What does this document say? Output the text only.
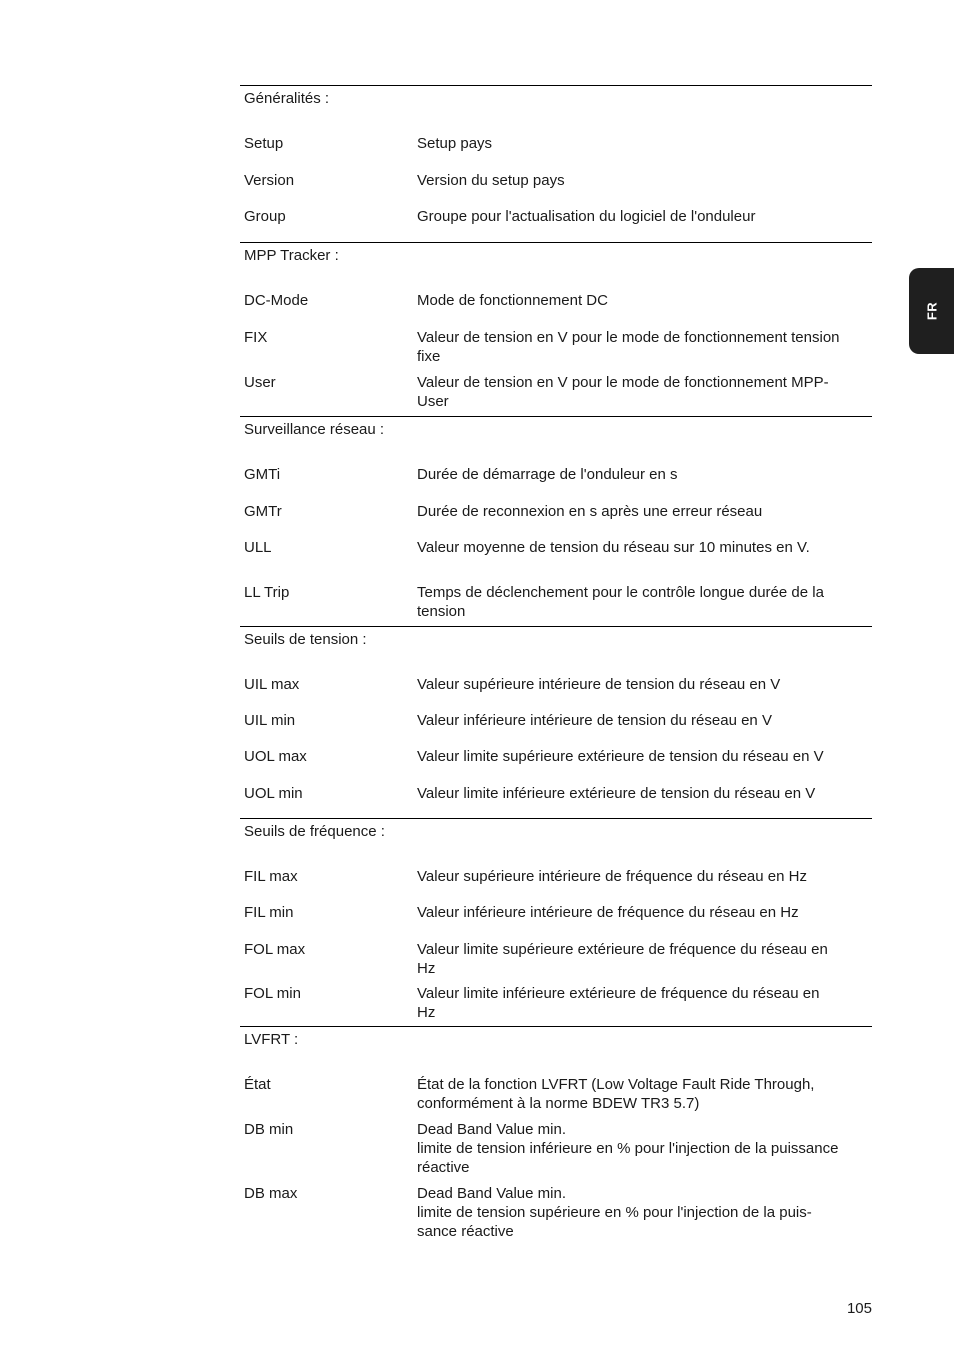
Généralités :
Setup	Setup pays
Version	Version du setup pays
Group	Groupe pour l'actualisation du logiciel de l'onduleur
MPP Tracker :
DC-Mode	Mode de fonctionnement DC
FIX	Valeur de tension en V pour le mode de fonctionnement tension
fixe
User	Valeur de tension en V pour le mode de fonctionnement MPP-
User
Surveillance réseau :
GMTi	Durée de démarrage de l'onduleur en s
GMTr	Durée de reconnexion en s après une erreur réseau
ULL	Valeur moyenne de tension du réseau sur 10 minutes en V.
LL Trip	Temps de déclenchement pour le contrôle longue durée de la
tension
Seuils de tension :
UIL max	Valeur supérieure intérieure de tension du réseau en V
UIL min	Valeur inférieure intérieure de tension du réseau en V
UOL max	Valeur limite supérieure extérieure de tension du réseau en V
UOL min	Valeur limite inférieure extérieure de tension du réseau en V
Seuils de fréquence :
FIL max	Valeur supérieure intérieure de fréquence du réseau en Hz
FIL min	Valeur inférieure intérieure de fréquence du réseau en Hz
FOL max	Valeur limite supérieure extérieure de fréquence du réseau en
Hz
FOL min	Valeur limite inférieure extérieure de fréquence du réseau en
Hz
LVFRT :
État	État de la fonction LVFRT (Low Voltage Fault Ride Through,
conformément à la norme BDEW TR3 5.7)
DB min	Dead Band Value min.
limite de tension inférieure en % pour l'injection de la puissance
réactive
DB max	Dead Band Value min.
limite de tension supérieure en % pour l'injection de la puis-
sance réactive
FR
105
